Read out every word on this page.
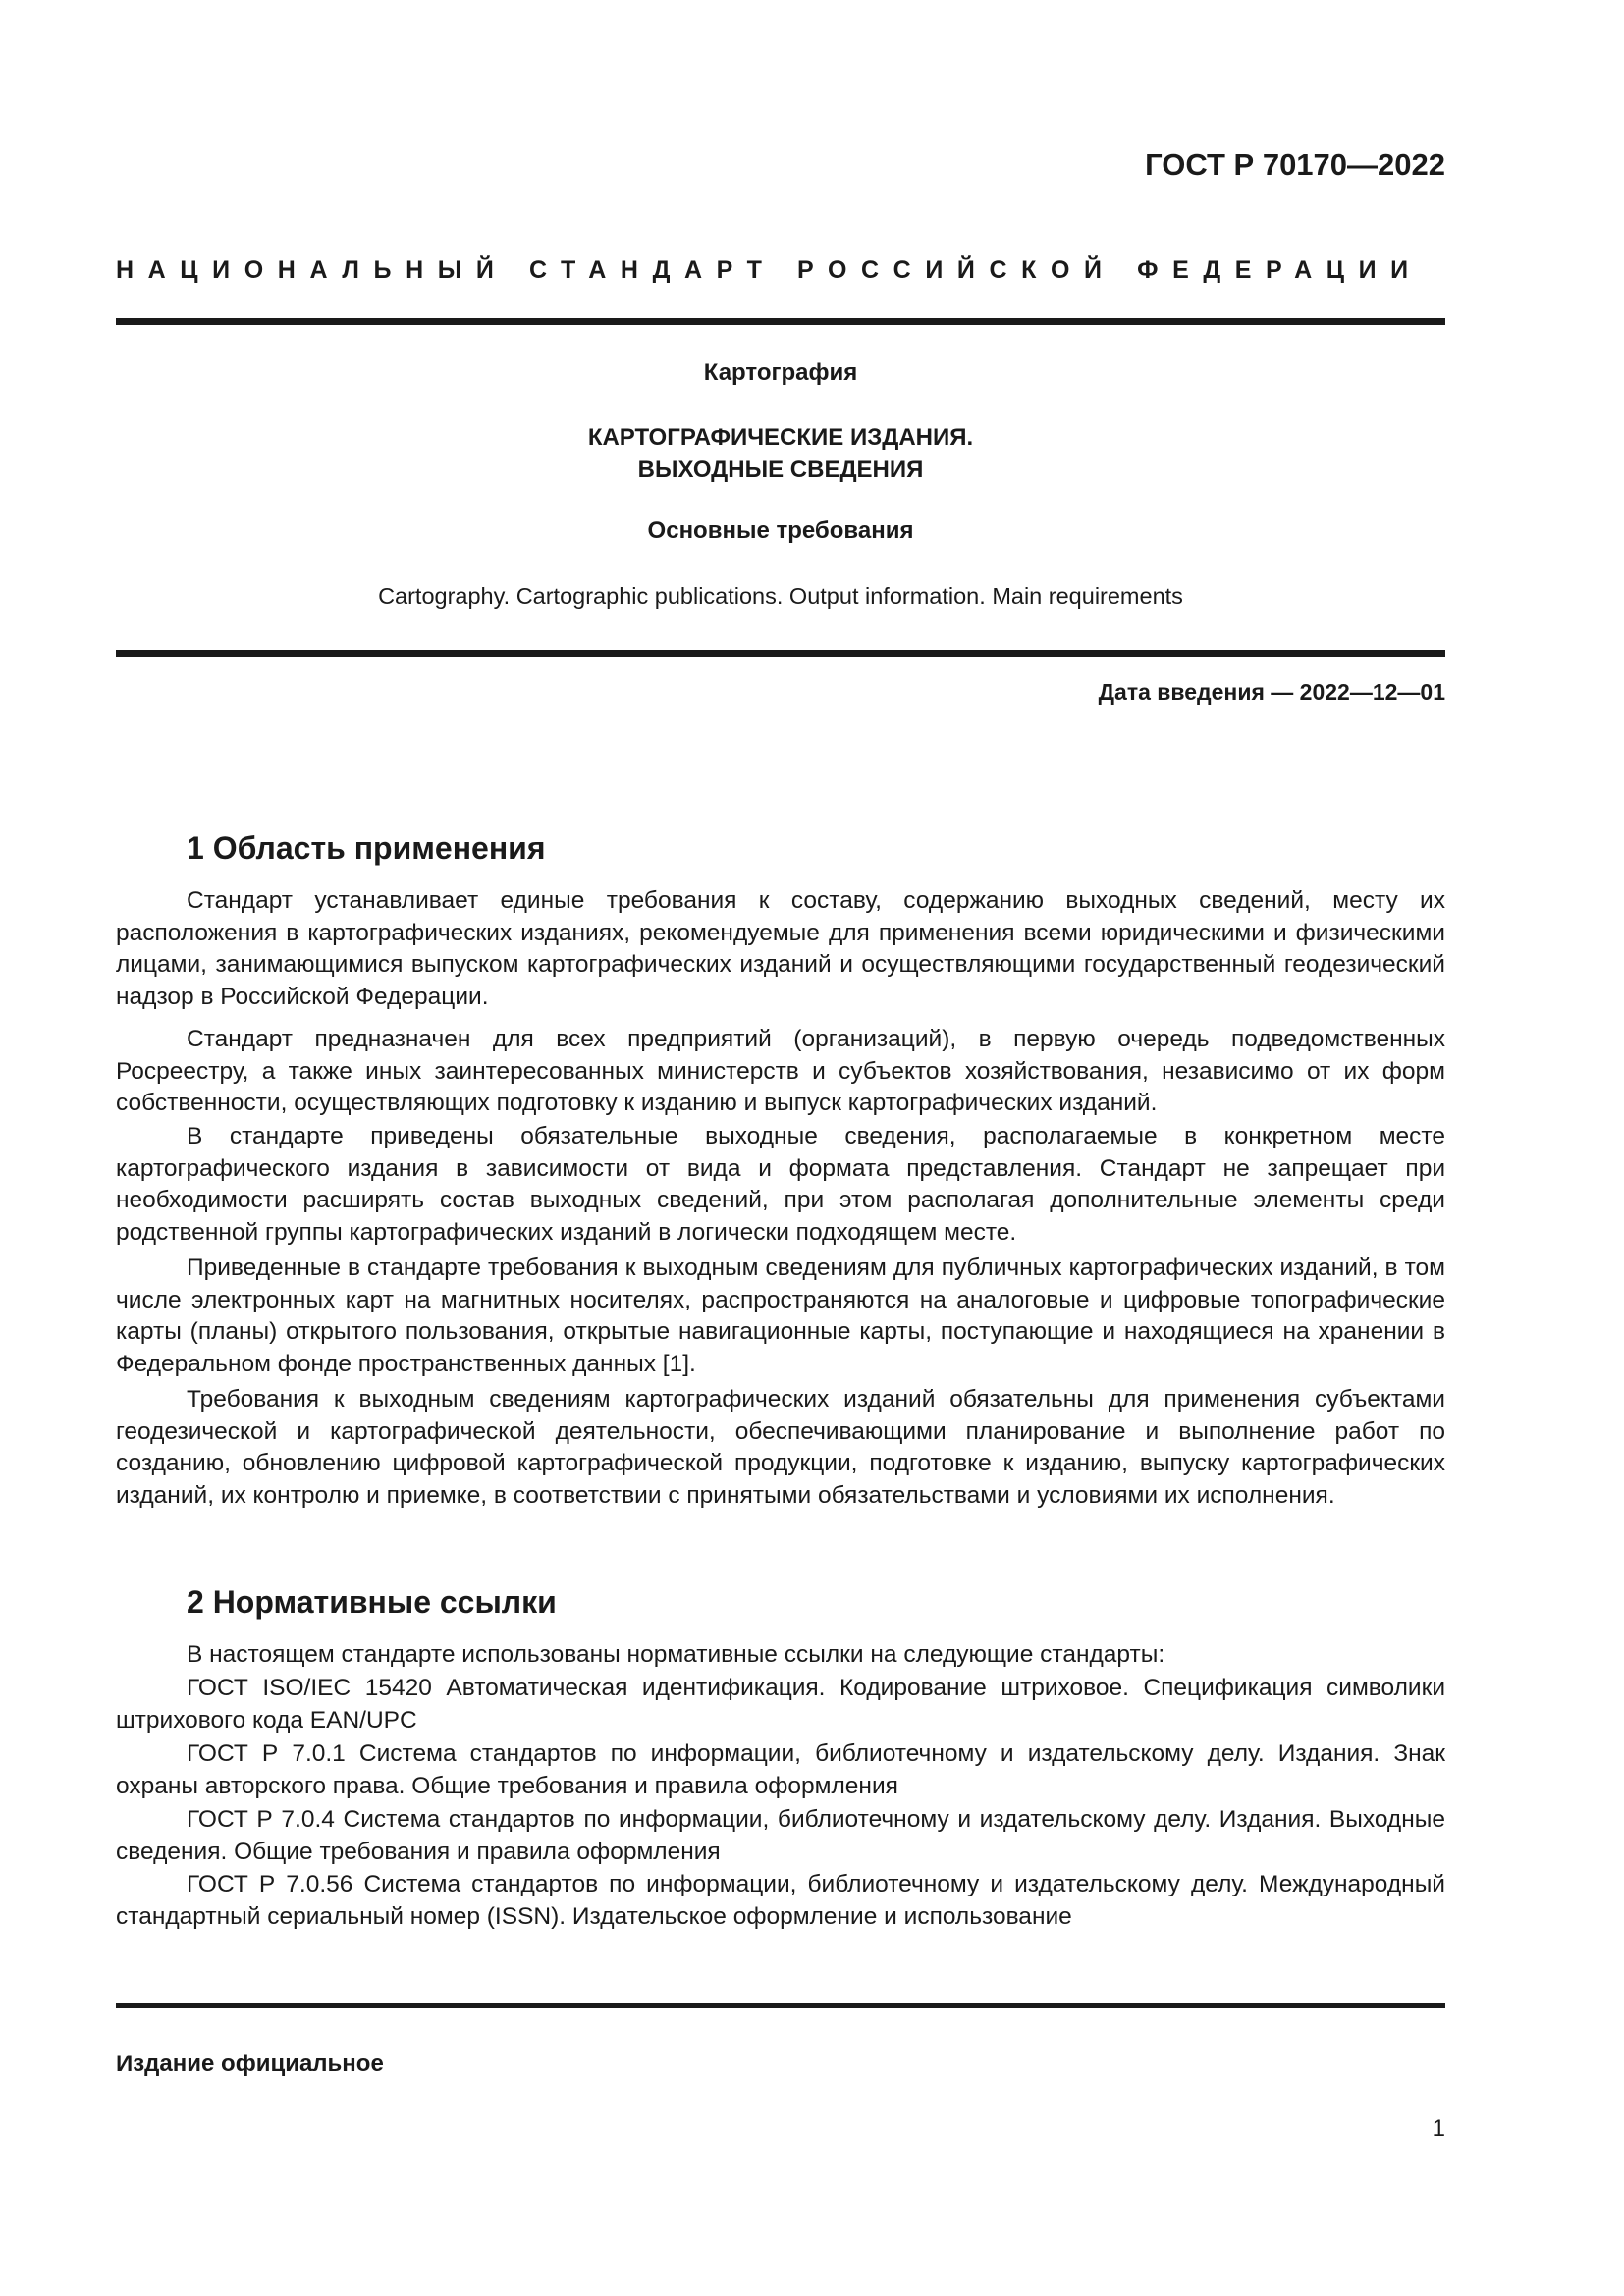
ГОСТ Р 70170—2022
НАЦИОНАЛЬНЫЙ СТАНДАРТ РОССИЙСКОЙ ФЕДЕРАЦИИ
Картография
КАРТОГРАФИЧЕСКИЕ ИЗДАНИЯ.
ВЫХОДНЫЕ СВЕДЕНИЯ
Основные требования
Cartography. Cartographic publications. Output information. Main requirements
Дата введения — 2022—12—01
1 Область применения

Стандарт устанавливает единые требования к составу, содержанию выходных сведений, месту их расположения в картографических изданиях, рекомендуемые для применения всеми юридическими и физическими лицами, занимающимися выпуском картографических изданий и осуществляющими государственный геодезический надзор в Российской Федерации.

Стандарт предназначен для всех предприятий (организаций), в первую очередь подведомственных Росреестру, а также иных заинтересованных министерств и субъектов хозяйствования, независимо от их форм собственности, осуществляющих подготовку к изданию и выпуск картографических изданий.

В стандарте приведены обязательные выходные сведения, располагаемые в конкретном месте картографического издания в зависимости от вида и формата представления. Стандарт не запрещает при необходимости расширять состав выходных сведений, при этом располагая дополнительные элементы среди родственной группы картографических изданий в логически подходящем месте.

Приведенные в стандарте требования к выходным сведениям для публичных картографических изданий, в том числе электронных карт на магнитных носителях, распространяются на аналоговые и цифровые топографические карты (планы) открытого пользования, открытые навигационные карты, поступающие и находящиеся на хранении в Федеральном фонде пространственных данных [1].

Требования к выходным сведениям картографических изданий обязательны для применения субъектами геодезической и картографической деятельности, обеспечивающими планирование и выполнение работ по созданию, обновлению цифровой картографической продукции, подготовке к изданию, выпуску картографических изданий, их контролю и приемке, в соответствии с принятыми обязательствами и условиями их исполнения.

2 Нормативные ссылки

В настоящем стандарте использованы нормативные ссылки на следующие стандарты:

ГОСТ ISO/IEC 15420 Автоматическая идентификация. Кодирование штриховое. Спецификация символики штрихового кода EAN/UPC

ГОСТ Р 7.0.1 Система стандартов по информации, библиотечному и издательскому делу. Издания. Знак охраны авторского права. Общие требования и правила оформления

ГОСТ Р 7.0.4 Система стандартов по информации, библиотечному и издательскому делу. Издания. Выходные сведения. Общие требования и правила оформления

ГОСТ Р 7.0.56 Система стандартов по информации, библиотечному и издательскому делу. Международный стандартный сериальный номер (ISSN). Издательское оформление и использование

Издание официальное
1
